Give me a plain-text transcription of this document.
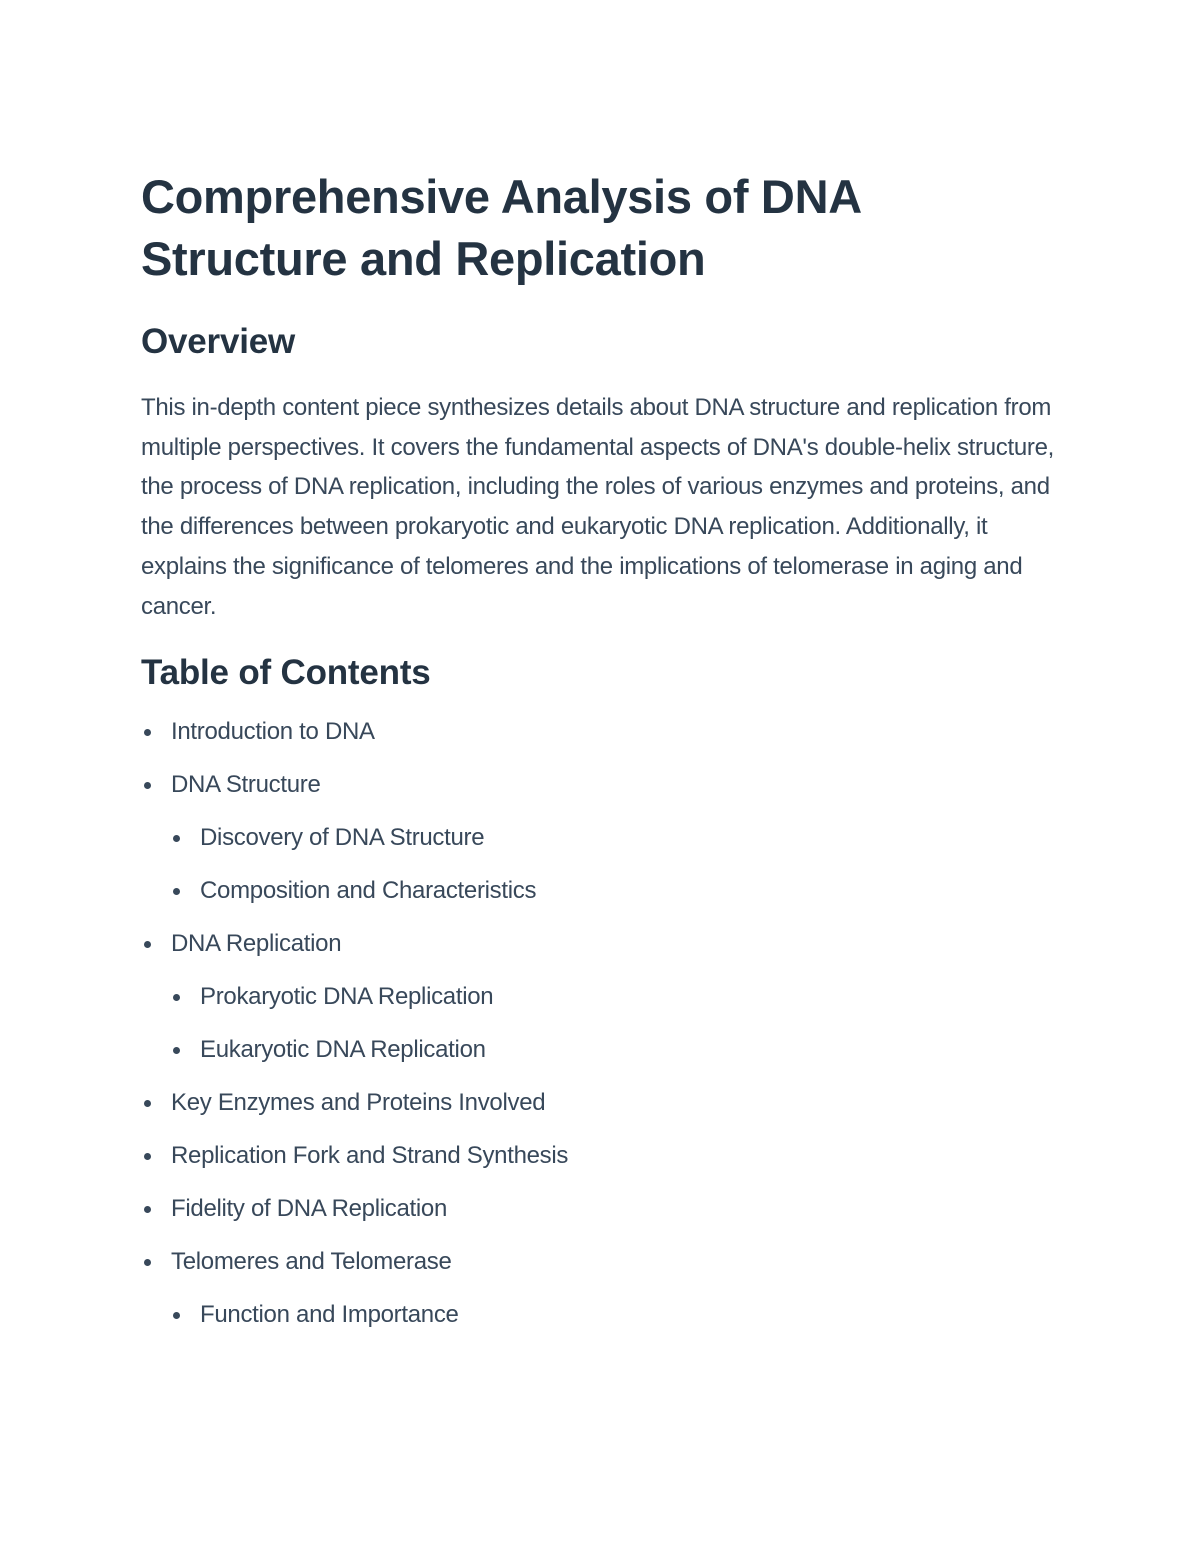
Comprehensive Analysis of DNA Structure and Replication
Overview

This in-depth content piece synthesizes details about DNA structure and replication from multiple perspectives. It covers the fundamental aspects of DNA's double-helix structure, the process of DNA replication, including the roles of various enzymes and proteins, and the differences between prokaryotic and eukaryotic DNA replication. Additionally, it explains the significance of telomeres and the implications of telomerase in aging and cancer.

Table of Contents
Introduction to DNA
DNA Structure
Discovery of DNA Structure
Composition and Characteristics
DNA Replication
Prokaryotic DNA Replication
Eukaryotic DNA Replication
Key Enzymes and Proteins Involved
Replication Fork and Strand Synthesis
Fidelity of DNA Replication
Telomeres and Telomerase
Function and Importance
